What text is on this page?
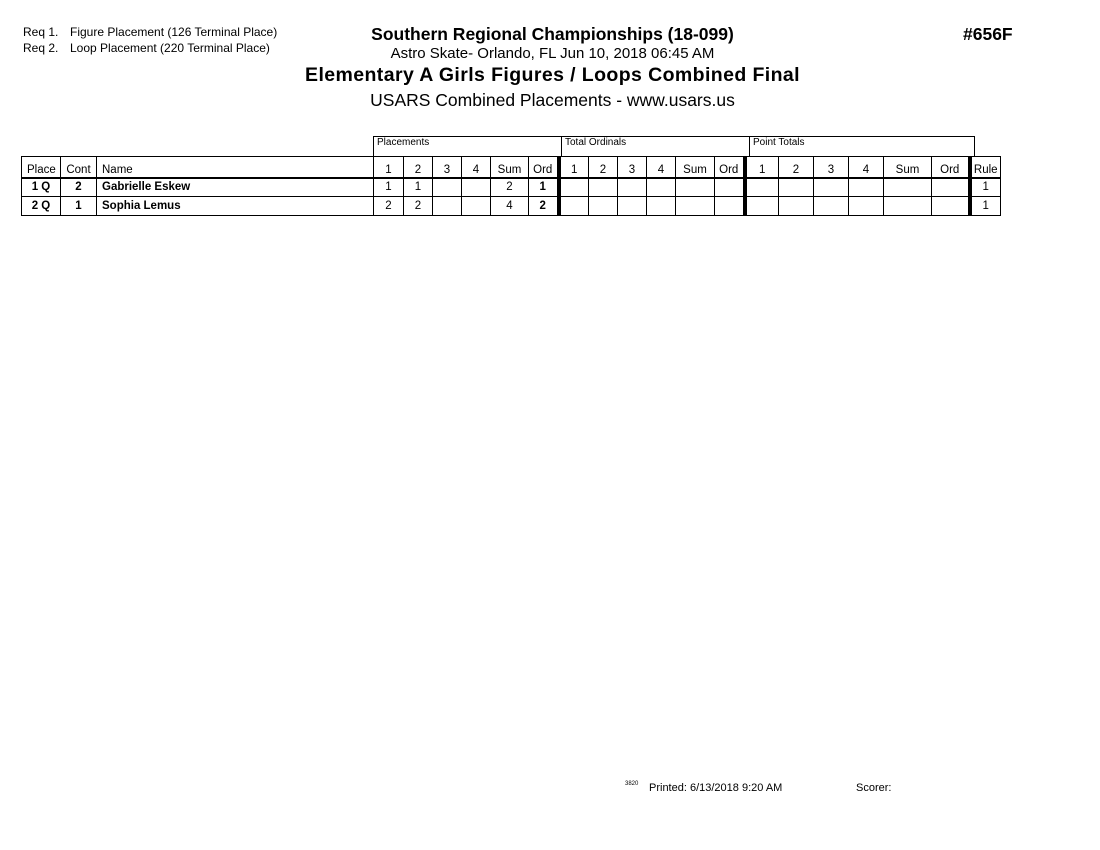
Req 1. Figure Placement (126 Terminal Place)
Req 2. Loop Placement (220 Terminal Place)
Southern Regional Championships (18-099)
Astro Skate- Orlando, FL Jun 10, 2018 06:45 AM
Elementary A Girls Figures / Loops Combined Final
USARS Combined Placements - www.usars.us
#656F
Placements	Total Ordinals	Point Totals
Place	Cont	Name	1	2	3	4	Sum	Ord	1	2	3	4	Sum	Ord	1	2	3	4	Sum	Ord	Rule
1 Q	2	Gabrielle Eskew	1	1			2	1													1
2 Q	1	Sophia Lemus	2	2			4	2													1
3820 Printed: 6/13/2018 9:20 AM	Scorer:
